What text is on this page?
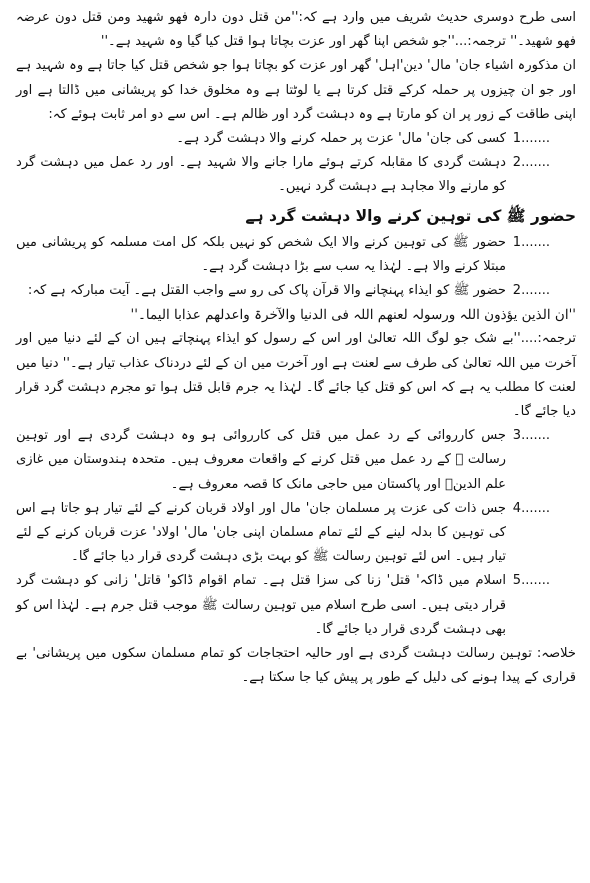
اسی طرح دوسری حدیث شریف میں وارد ہے کہ:''من قتل دون دارہ فھو شھید ومن قتل دون عرضہ فھو شھید۔'' ترجمہ:...''جو شخص اپنا گھر اور عزت بچاتا ہوا قتل کیا گیا وہ شہید ہے۔''

ان مذکورہ اشیاء جان' مال' دین'اہل' گھر اور عزت کو بچاتا ہوا جو شخص قتل کیا جاتا ہے وہ شہید ہے اور جو ان چیزوں پر حملہ کرکے قتل کرتا ہے یا لوٹتا ہے وہ مخلوق خدا کو پریشانی میں ڈالتا ہے اور اپنی طاقت کے زور پر ان کو مارتا ہے وہ دہشت گرد اور ظالم ہے۔ اس سے دو امر ثابت ہوئے کہ:

1.......

کسی کی جان' مال' عزت پر حملہ کرنے والا دہشت گرد ہے۔

2.......

دہشت گردی کا مقابلہ کرتے ہوئے مارا جانے والا شہید ہے۔ اور رد عمل میں دہشت گرد کو مارنے والا مجاہد ہے دہشت گرد نہیں۔

حضور ﷺ کی توہین کرنے والا دہشت گرد ہے
1.......

حضور ﷺ کی توہین کرنے والا ایک شخص کو نہیں بلکہ کل امت مسلمہ کو پریشانی میں مبتلا کرنے والا ہے۔ لہٰذا یہ سب سے بڑا دہشت گرد ہے۔

2.......

حضور ﷺ کو ایذاء پہنچانے والا قرآن پاک کی رو سے واجب القتل ہے۔ آیت مبارکہ ہے کہ:

''ان الذین یؤذون اللہ ورسولہ لعنھم اللہ فی الدنیا والآخرۃ واعدلھم عذابا الیما۔''

ترجمہ:....''بے شک جو لوگ اللہ تعالیٰ اور اس کے رسول کو ایذاء پہنچاتے ہیں ان کے لئے دنیا میں اور آخرت میں اللہ تعالیٰ کی طرف سے لعنت ہے اور آخرت میں ان کے لئے دردناک عذاب تیار ہے۔'' دنیا میں لعنت کا مطلب یہ ہے کہ اس کو قتل کیا جائے گا۔ لہٰذا یہ جرم قابل قتل ہوا تو مجرم دہشت گرد قرار دیا جائے گا۔

3.......

جس کارروائی کے رد عمل میں قتل کی کارروائی ہو وہ دہشت گردی ہے اور توہین رسالت ﷺ کے رد عمل میں قتل کرنے کے واقعات معروف ہیں۔ متحدہ ہندوستان میں غازی علم الدینؒ اور پاکستان میں حاجی مانک کا قصہ معروف ہے۔

4.......

جس ذات کی عزت پر مسلمان جان' مال اور اولاد قربان کرنے کے لئے تیار ہو جاتا ہے اس کی توہین کا بدلہ لینے کے لئے تمام مسلمان اپنی جان' مال' اولاد' عزت قربان کرنے کے لئے تیار ہیں۔ اس لئے توہین رسالت ﷺ کو بہت بڑی دہشت گردی قرار دیا جائے گا۔

5.......

اسلام میں ڈاکہ' قتل' زنا کی سزا قتل ہے۔ تمام اقوام ڈاکو' قاتل' زانی کو دہشت گرد قرار دیتی ہیں۔ اسی طرح اسلام میں توہین رسالت ﷺ موجب قتل جرم ہے۔ لہٰذا اس کو بھی دہشت گردی قرار دیا جائے گا۔

خلاصہ: توہین رسالت دہشت گردی ہے اور حالیہ احتجاجات کو تمام مسلمان سکوں میں پریشانی' بے قراری کے پیدا ہونے کی دلیل کے طور پر پیش کیا جا سکتا ہے۔
